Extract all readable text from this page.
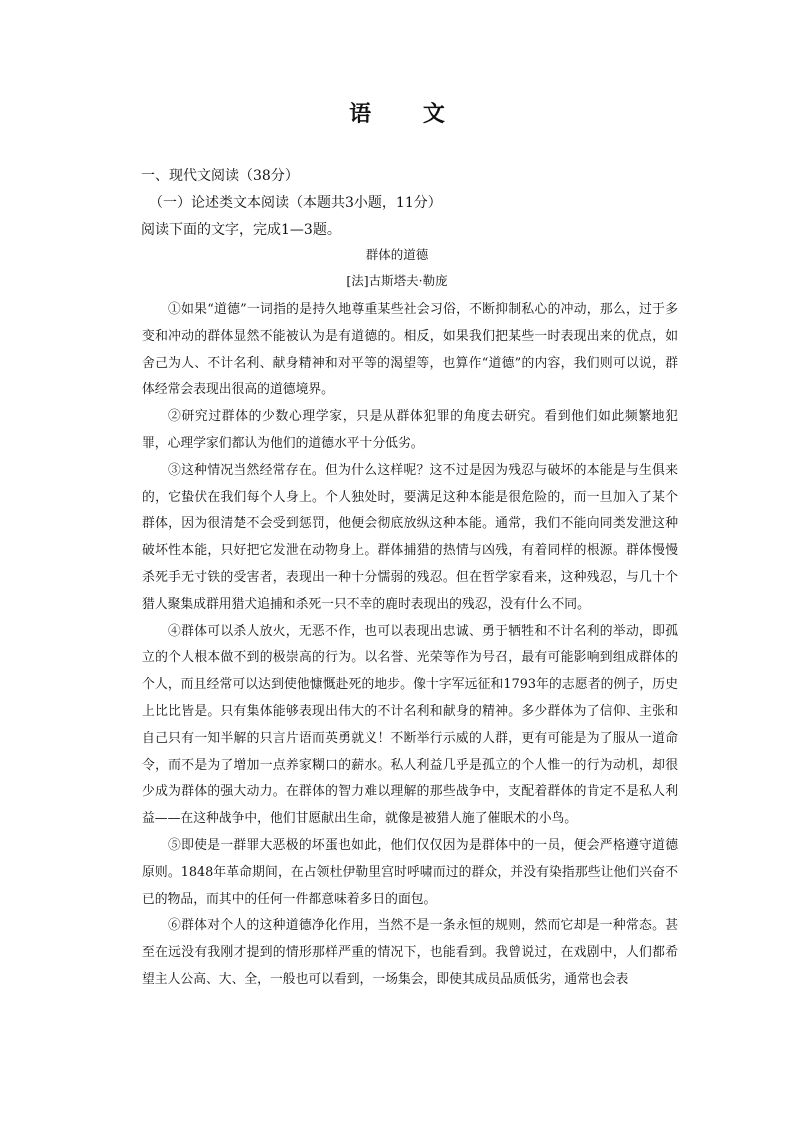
语 文
一、现代文阅读（38分）
（一）论述类文本阅读（本题共3小题，11分）
阅读下面的文字，完成1—3题。
群体的道德
[法]古斯塔夫·勒庞

①如果“道德”一词指的是持久地尊重某些社会习俗，不断抑制私心的冲动，那么，过于多变和冲动的群体显然不能被认为是有道德的。相反，如果我们把某些一时表现出来的优点，如舍己为人、不计名利、献身精神和对平等的渴望等，也算作“道德”的内容，我们则可以说，群体经常会表现出很高的道德境界。

②研究过群体的少数心理学家，只是从群体犯罪的角度去研究。看到他们如此频繁地犯罪，心理学家们都认为他们的道德水平十分低劣。

③这种情况当然经常存在。但为什么这样呢？这不过是因为残忍与破坏的本能是与生俱来的，它蛰伏在我们每个人身上。个人独处时，要满足这种本能是很危险的，而一旦加入了某个群体，因为很清楚不会受到惩罚，他便会彻底放纵这种本能。通常，我们不能向同类发泄这种破坏性本能，只好把它发泄在动物身上。群体捕猎的热情与凶残，有着同样的根源。群体慢慢杀死手无寸铁的受害者，表现出一种十分懦弱的残忍。但在哲学家看来，这种残忍，与几十个猎人聚集成群用猎犬追捕和杀死一只不幸的鹿时表现出的残忍，没有什么不同。

④群体可以杀人放火，无恶不作，也可以表现出忠诚、勇于牺牲和不计名利的举动，即孤立的个人根本做不到的极崇高的行为。以名誉、光荣等作为号召，最有可能影响到组成群体的个人，而且经常可以达到使他慷慨赴死的地步。像十字军远征和1793年的志愿者的例子，历史上比比皆是。只有集体能够表现出伟大的不计名利和献身的精神。多少群体为了信仰、主张和自己只有一知半解的只言片语而英勇就义！不断举行示威的人群，更有可能是为了服从一道命令，而不是为了增加一点养家糊口的薪水。私人利益几乎是孤立的个人惟一的行为动机，却很少成为群体的强大动力。在群体的智力难以理解的那些战争中，支配着群体的肯定不是私人利益——在这种战争中，他们甘愿献出生命，就像是被猎人施了催眠术的小鸟。

⑤即使是一群罪大恶极的坏蛋也如此，他们仅仅因为是群体中的一员，便会严格遵守道德原则。1848年革命期间，在占领杜伊勒里宫时呼啸而过的群众，并没有染指那些让他们兴奋不已的物品，而其中的任何一件都意味着多日的面包。

⑥群体对个人的这种道德净化作用，当然不是一条永恒的规则，然而它却是一种常态。甚至在远没有我刚才提到的情形那样严重的情况下，也能看到。我曾说过，在戏剧中，人们都希望主人公高、大、全，一般也可以看到，一场集会，即使其成员品质低劣，通常也会表
